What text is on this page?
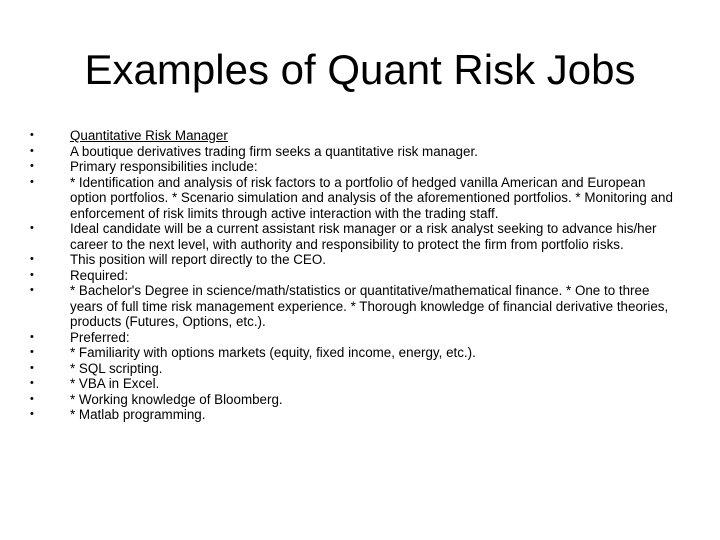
Examples of Quant Risk Jobs
•	Quantitative Risk Manager
•	A boutique derivatives trading firm seeks a quantitative risk manager.
•	Primary responsibilities include:
•	* Identification and analysis of risk factors to a portfolio of hedged vanilla American and European option portfolios. * Scenario simulation and analysis of the aforementioned portfolios. * Monitoring and enforcement of risk limits through active interaction with the trading staff.
•	Ideal candidate will be a current assistant risk manager or a risk analyst seeking to advance his/her career to the next level, with authority and responsibility to protect the firm from portfolio risks.
•	This position will report directly to the CEO.
•	Required:
•	* Bachelor's Degree in science/math/statistics or quantitative/mathematical finance. * One to three years of full time risk management experience. * Thorough knowledge of financial derivative theories, products (Futures, Options, etc.).
•	Preferred:
•	* Familiarity with options markets (equity, fixed income, energy, etc.).
•	* SQL scripting.
•	* VBA in Excel.
•	* Working knowledge of Bloomberg.
•	* Matlab programming.
